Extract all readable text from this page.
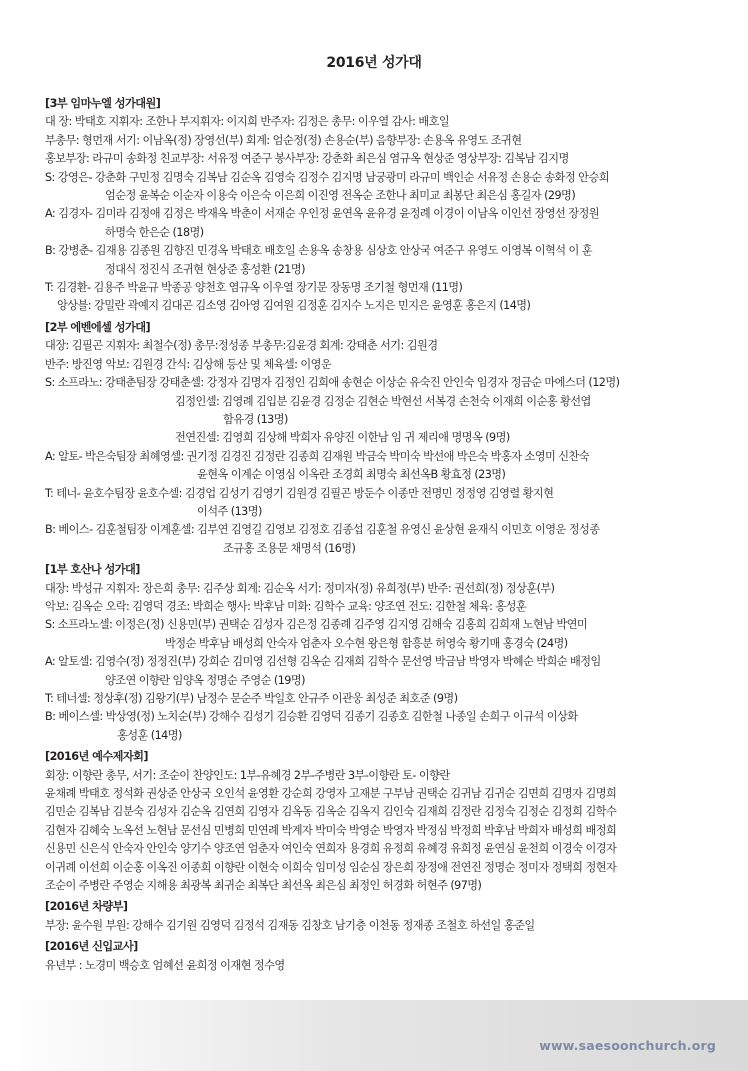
2016년 성가대
[3부 임마누엘 성가대원]
대 장: 박태호 지휘자: 조한나 부지휘자: 이지희 반주자: 김정은 총무: 이우열 감사: 배호일
부총무: 형먼재 서기: 이남옥(정) 장영선(부) 회계: 엄순정(정) 손용순(부) 음향부장: 손용옥 유영도 조귀현
홍보부장: 라규미 송화정 친교부장: 서유정 여준구 봉사부장: 강춘화 최은심 염규옥 현상준 영상부장: 김복남 김지명
S: 강영은- 강춘화 구민정 김명숙 김복남 김순옥 김영숙 김정수 김지명 남궁광미 라규미 백인순 서유정 손용순 송화정 안승희
엄순정 윤복순 이순자 이용숙 이은숙 이은희 이진영 전옥순 조한나 최미교 최봉단 최은심 홍길자 (29명)
A: 김경자- 김미라 김정애 김정은 박재옥 박춘이 서재순 우인정 윤연옥 윤유경 윤정례 이경이 이남옥 이인선 장영선 장정원
하명숙 한은순 (18명)
B: 강병춘- 김재용 김종원 김향진 민경옥 박태호 배호일 손용옥 송창용 심상호 안상국 여준구 유영도 이영복 이혁석 이 훈
정대식 정진식 조귀현 현상준 홍성환 (21명)
T: 김경환- 김용주 박윤규 박종공 양천호 염규옥 이우열 장기문 장동명 조기철 형먼재 (11명)
앙상블: 강밀란 곽예지 김대곤 김소영 김아영 김여원 김정훈 김지수 노지은 민지은 윤영훈 홍은지 (14명)
[2부 에벤에셀 성가대]
대장: 김필곤 지휘자: 최철수(정) 총무:정성종 부총무:김윤경 회계: 강태춘 서기: 김원경
반주: 방진영 악보: 김원경 간식: 김상해 등산 및 체육셀: 이영운
S: 소프라노: 강태춘팀장 강태춘셀: 강정자 김명자 김정인 김희애 송현순 이상순 유숙진 안인숙 임경자 정금순 마에스더 (12명)
김정인셀: 김영례 김입분 김윤경 김정순 김현순 박현선 서복경 손천숙 이재희 이순홍 황선엽
함유경 (13명)
전연진셀: 김영희 김상해 박희자 유양진 이한남 임 귀 제리애 명명옥 (9명)
A: 알토- 박은숙팀장 최혜영셀: 권기정 김경진 김정란 김종희 김재원 박금숙 박미숙 박선애 박은숙 박홍자 소영미 신찬숙
윤현옥 이계순 이영심 이옥란 조경희 최명숙 최선옥B 황효정 (23명)
T: 테너- 윤호수팀장 윤호수셀: 김경업 김성기 김영기 김원경 김필곤 방둔수 이종만 전명민 정정영 김영렬 황지현
이석주 (13명)
B: 베이스- 김훈철팀장 이계훈셀: 김부연 김영길 김영보 김정호 김종섭 김훈철 유영신 윤상현 윤재식 이민호 이영운 정성종
조규홍 조용문 채명석 (16명)
[1부 호산나 성가대]
대장: 박성규 지휘자: 장은희 총무: 김주상 회계: 김순옥 서기: 정미자(정) 유희정(부) 반주: 권선희(정) 정상훈(부)
악보: 김옥순 오락: 김영덕 경조: 박희순 행사: 박후남 미화: 김학수 교육: 양조연 전도: 김한철 체육: 홍성훈
S: 소프라노셀: 이정은(정) 신용민(부) 권택순 김성자 김은정 김종례 김주영 김지영 김해숙 김홍희 김희재 노현남 박연미
박정순 박후남 배성희 안숙자 엄춘자 오수현 왕은형 함흥분 허영숙 황기매 홍경숙 (24명)
A: 알토셀: 김영수(정) 정정진(부) 강희순 김미영 김선형 김옥순 김재희 김학수 문선영 박금남 박영자 박혜순 박희순 배정임
양조연 이향란 임양옥 정명순 주영순 (19명)
T: 테너셀: 정상후(정) 김왕기(부) 남정수 문순주 박일호 안규주 이관웅 최성준 최호준 (9명)
B: 베이스셀: 박상영(정) 노치순(부) 강해수 김성기 김승환 김영덕 김종기 김종호 김한철 나종일 손희구 이규석 이상화
홍성훈 (14명)
[2016년 예수제자회]
회장: 이향란 총무, 서기: 조순이 찬양인도: 1부-유혜경 2부-주병란 3부-이향란 토- 이향란
윤채례 박태호 정석화 권상준 안상국 오인석 윤영환 강순희 강영자 고재분 구부남 권택순 김귀남 김귀순 김면희 김명자 김명희
김민순 김복남 김분숙 김성자 김순옥 김연희 김영자 김옥동 김옥순 김옥지 김인숙 김재희 김정란 김정숙 김정순 김정희 김학수
김현자 김혜숙 노옥선 노현남 문선심 민병희 민연례 박계자 박미숙 박영순 박영자 박정심 박정희 박후남 박희자 배성희 배정희
신용민 신은식 안숙자 안인숙 양기수 양조연 엄춘자 여인숙 연희자 용경희 유정희 유혜경 유희정 윤연심 윤천희 이경숙 이경자
이귀례 이선희 이순홍 이옥진 이종희 이향란 이현숙 이희숙 임미성 임순심 장은희 장정애 전연진 정명순 정미자 정택희 정현자
조순이 주병란 주영순 지해용 최광복 최귀순 최복단 최선옥 최은심 최정인 허경화 허현주 (97명)
[2016년 차량부]
부장: 윤수원 부원: 강해수 김기원 김영덕 김정석 김재동 김창호 남기층 이천동 정재종 조철호 하선일 홍준일
[2016년 신입교사]
유년부 : 노경미 백승호 엄혜선 윤희정 이재현 정수영
www.saesoonchurch.org
